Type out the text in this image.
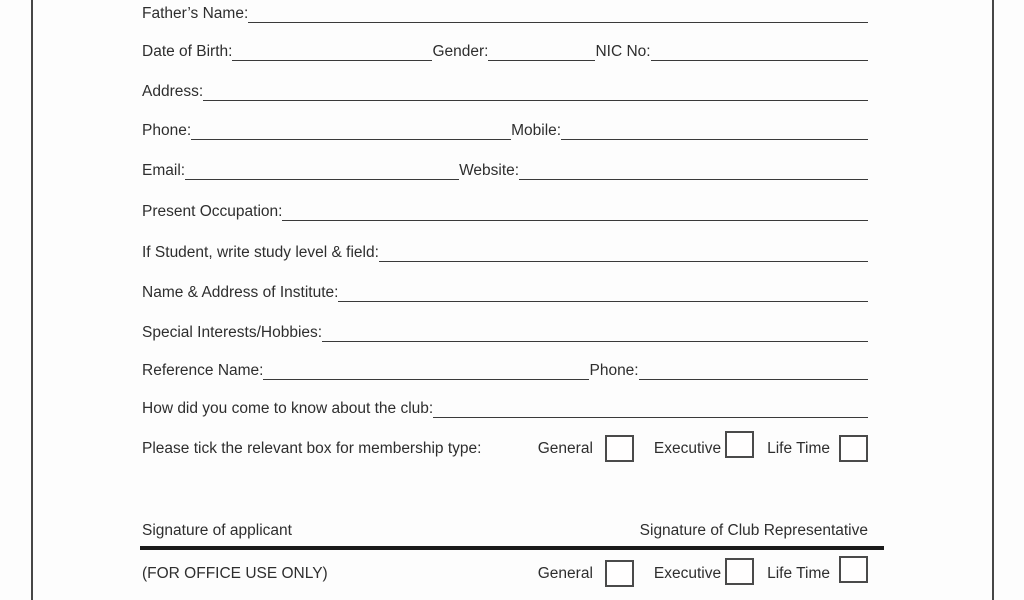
Father’s Name:
Date of Birth:	Gender:	NIC No:
Address:
Phone:	Mobile:
Email:	Website:
Present Occupation:
If Student, write study level & field:
Name & Address of Institute:
Special Interests/Hobbies:
Reference Name:	Phone:
How did you come to know about the club:
Please tick the relevant box for membership type:	General	Executive	Life Time
Signature of applicant	Signature of Club Representative
(FOR OFFICE USE ONLY)	General	Executive	Life Time
